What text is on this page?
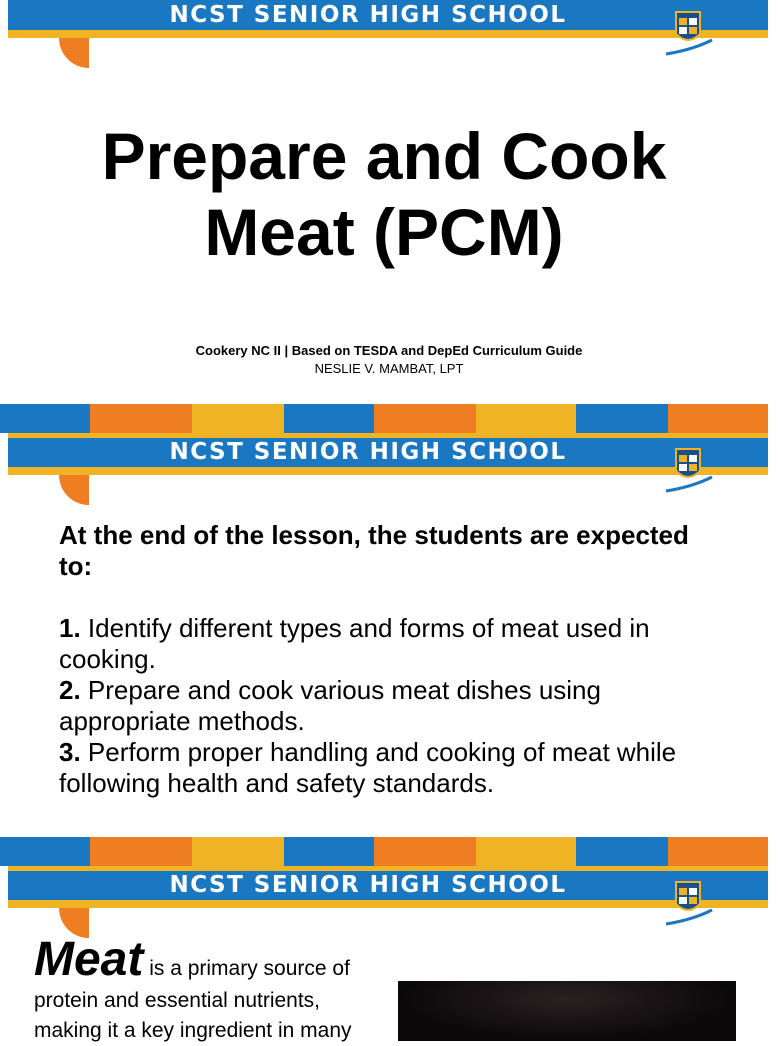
NCST SENIOR HIGH SCHOOL
Prepare and Cook
Meat (PCM)
Cookery NC II | Based on TESDA and DepEd Curriculum Guide
NESLIE V. MAMBAT, LPT
NCST SENIOR HIGH SCHOOL
At the end of the lesson, the students are expected to:
1. Identify different types and forms of meat used in cooking.
2. Prepare and cook various meat dishes using appropriate methods.
3. Perform proper handling and cooking of meat while following health and safety standards.
NCST SENIOR HIGH SCHOOL
Meat is a primary source of protein and essential nutrients, making it a key ingredient in many
